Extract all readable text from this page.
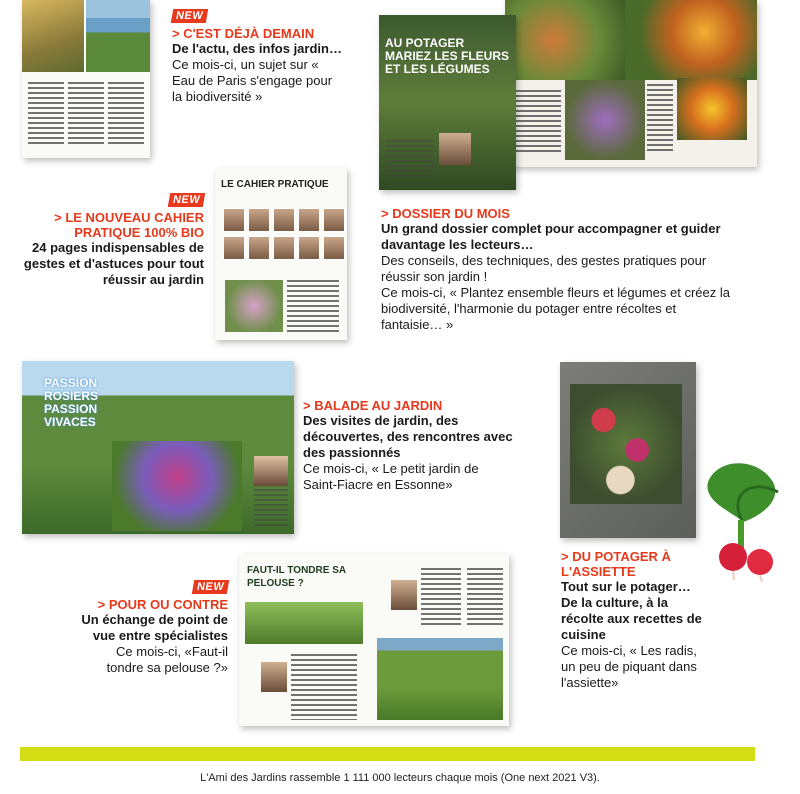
NEW
> C'EST DÉJÀ DEMAIN
De l'actu, des infos jardin…
Ce mois-ci, un sujet sur « Eau de Paris s'engage pour la biodiversité »
AU POTAGER MARIEZ LES FLEURS ET LES LÉGUMES
> DOSSIER DU MOIS
Un grand dossier complet pour accompagner et guider davantage les lecteurs…
Des conseils, des techniques, des gestes pratiques pour réussir son jardin !
Ce mois-ci, « Plantez ensemble fleurs et légumes et créez la biodiversité, l'harmonie du potager entre récoltes et fantaisie… »
NEW
> LE NOUVEAU CAHIER PRATIQUE 100% BIO
24 pages indispensables de gestes et d'astuces pour tout réussir au jardin
LE CAHIER PRATIQUE
PASSION ROSIERS PASSION VIVACES
> BALADE AU JARDIN
Des visites de jardin, des découvertes, des rencontres avec des passionnés
Ce mois-ci, « Le petit jardin de Saint-Fiacre en Essonne»
> DU POTAGER À L'ASSIETTE
Tout sur le potager… De la culture, à la récolte aux recettes de cuisine
Ce mois-ci, « Les radis, un peu de piquant dans l'assiette»
NEW
> POUR OU CONTRE
Un échange de point de vue entre spécialistes
Ce mois-ci, «Faut-il tondre sa pelouse ?»
FAUT-IL TONDRE SA PELOUSE ?
L'Ami des Jardins rassemble 1 111 000 lecteurs chaque mois (One next 2021 V3).
